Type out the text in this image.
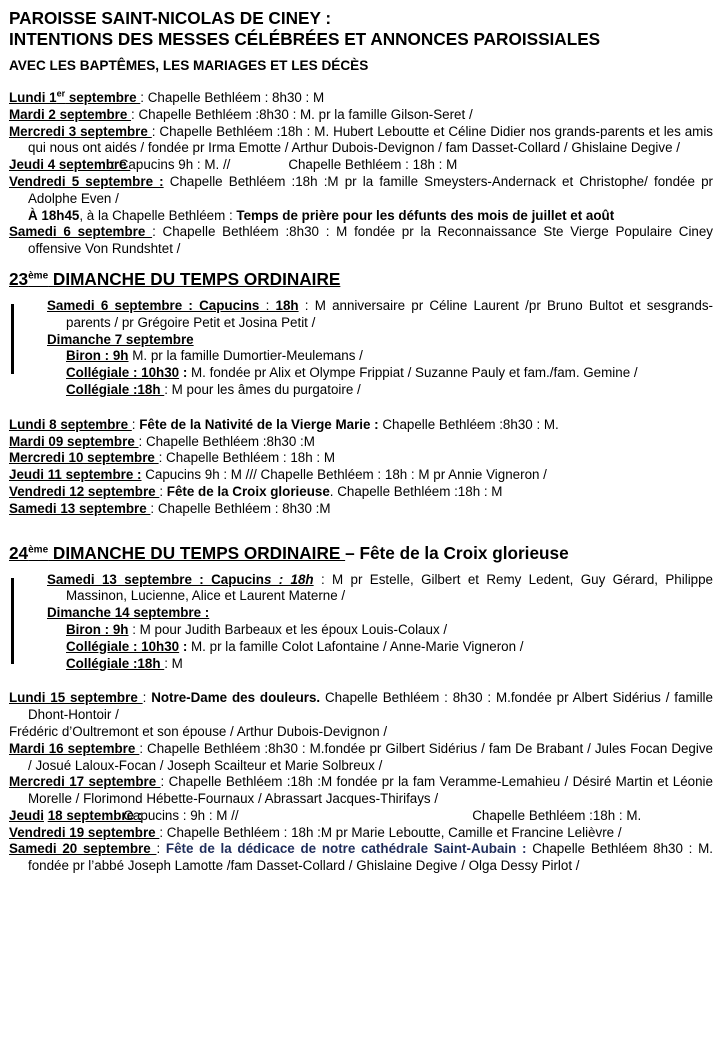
PAROISSE SAINT-NICOLAS DE CINEY :
INTENTIONS DES MESSES CÉLÉBRÉES ET ANNONCES PAROISSIALES
AVEC LES BAPTÊMES, LES MARIAGES ET LES DÉCÈS
Lundi 1er septembre : Chapelle Bethléem : 8h30 : M
Mardi 2 septembre : Chapelle Bethléem :8h30 : M. pr la famille Gilson-Seret /
Mercredi 3 septembre : Chapelle Bethléem :18h : M. Hubert Leboutte et Céline Didier nos grands-parents et les amis qui nous ont aidés / fondée pr Irma Emotte / Arthur Dubois-Devignon / fam Dasset-Collard / Ghislaine Degive /
Jeudi 4 septembre : Capucins 9h : M. //	Chapelle Bethléem : 18h : M
Vendredi 5 septembre : Chapelle Bethléem :18h :M pr la famille Smeysters-Andernack et Christophe/ fondée pr Adolphe Even /
À 18h45, à la Chapelle Bethléem : Temps de prière pour les défunts des mois de juillet et août
Samedi 6 septembre : Chapelle Bethléem :8h30 : M fondée pr la Reconnaissance Ste Vierge Populaire Ciney offensive Von Rundshtet /
23ème DIMANCHE DU TEMPS ORDINAIRE
Samedi 6 septembre : Capucins : 18h : M anniversaire pr Céline Laurent /pr Bruno Bultot et sesgrands-parents / pr Grégoire Petit et Josina Petit /
Dimanche 7 septembre
Biron : 9h M. pr la famille Dumortier-Meulemans /
Collégiale : 10h30 : M. fondée pr Alix et Olympe Frippiat / Suzanne Pauly et fam./fam. Gemine /
Collégiale :18h : M pour les âmes du purgatoire /
Lundi 8 septembre : Fête de la Nativité de la Vierge Marie : Chapelle Bethléem :8h30 : M.
Mardi 09 septembre : Chapelle Bethléem :8h30 :M
Mercredi 10 septembre : Chapelle Bethléem : 18h : M
Jeudi 11 septembre : Capucins 9h : M /// Chapelle Bethléem : 18h : M pr Annie Vigneron /
Vendredi 12 septembre : Fête de la Croix glorieuse. Chapelle Bethléem :18h : M
Samedi 13 septembre : Chapelle Bethléem : 8h30 :M
24ème DIMANCHE DU TEMPS ORDINAIRE – Fête de la Croix glorieuse
Samedi 13 septembre : Capucins : 18h : M pr Estelle, Gilbert et Remy Ledent, Guy Gérard, Philippe Massinon, Lucienne, Alice et Laurent Materne /
Dimanche 14 septembre :
Biron : 9h : M pour Judith Barbeaux et les époux Louis-Colaux /
Collégiale : 10h30 : M. pr la famille Colot Lafontaine / Anne-Marie Vigneron /
Collégiale :18h : M
Lundi 15 septembre : Notre-Dame des douleurs. Chapelle Bethléem : 8h30 : M.fondée pr Albert Sidérius / famille Dhont-Hontoir /
Frédéric d’Oultremont et son épouse / Arthur Dubois-Devignon /
Mardi 16 septembre : Chapelle Bethléem :8h30 : M.fondée pr Gilbert Sidérius / fam De Brabant / Jules Focan Degive / Josué Laloux-Focan / Joseph Scailteur et Marie Solbreux /
Mercredi 17 septembre : Chapelle Bethléem :18h :M fondée pr la fam Veramme-Lemahieu / Désiré Martin et Léonie Morelle / Florimond Hébette-Fournaux / Abrassart Jacques-Thirifays /
Jeudi 18 septembre :Capucins : 9h : M //	Chapelle Bethléem :18h : M.
Vendredi 19 septembre : Chapelle Bethléem : 18h :M pr Marie Leboutte, Camille et Francine Lelièvre /
Samedi 20 septembre : Fête de la dédicace de notre cathédrale Saint-Aubain : Chapelle Bethléem 8h30 : M. fondée pr l’abbé Joseph Lamotte /fam Dasset-Collard / Ghislaine Degive / Olga Dessy Pirlot /
